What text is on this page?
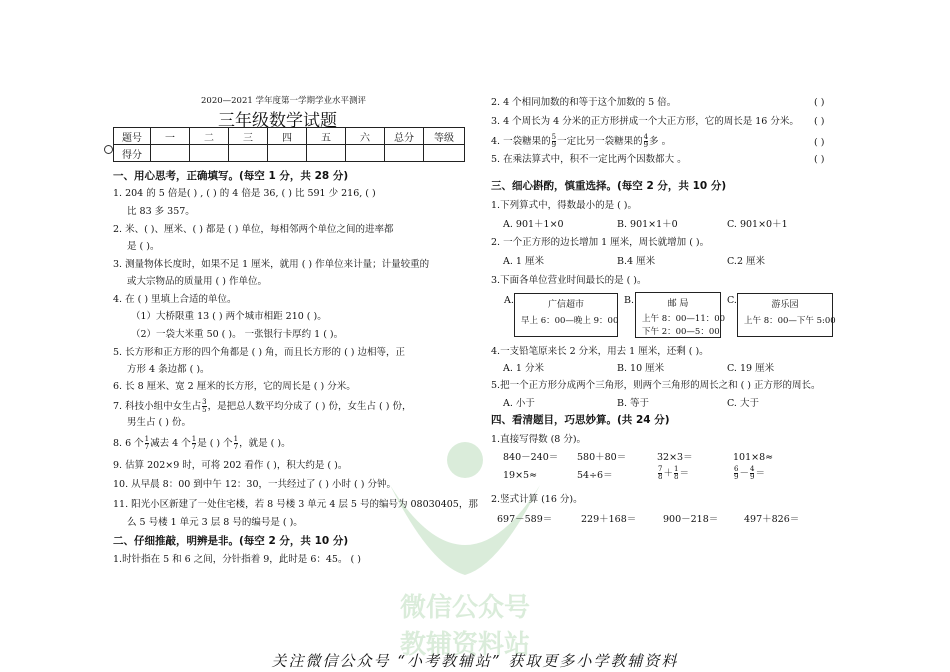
微信公众号
教辅资料站
2020—2021 学年度第一学期学业水平测评
三年级数学试题
题号	一	二	三	四	五	六	总分	等级
得分								
一、用心思考，正确填写。(每空 1 分，共 28 分)
1. 204 的 5 倍是( ) , ( ) 的 4 倍是 36, ( ) 比 591 少 216, ( )
比 83 多 357。
2. 米、( )、厘米、( ) 都是 ( ) 单位，每相邻两个单位之间的进率都
是 ( )。
3. 测量物体长度时，如果不足 1 厘米，就用 ( ) 作单位来计量；计量较重的
或大宗物品的质量用 ( ) 作单位。
4. 在 ( ) 里填上合适的单位。
（1）大桥限重 13 ( ) 两个城市相距 210 ( )。
（2）一袋大米重 50 ( )。 一张银行卡厚约 1 ( )。
5. 长方形和正方形的四个角都是 ( ) 角，而且长方形的 ( ) 边相等，正
方形 4 条边都 ( )。
6. 长 8 厘米、宽 2 厘米的长方形，它的周长是 ( ) 分米。
7. 科技小组中女生占 $\frac{3}{5}$ ，是把总人数平均分成了 ( ) 份，女生占 ( ) 份，
男生占 ( ) 份。
8. 6 个 $\frac{1}{7}$ 减去 4 个 $\frac{1}{7}$ 是 ( ) 个 $\frac{1}{7}$ ，就是 ( )。
9. 估算 202×9 时，可将 202 看作 ( )，积大约是 ( )。
10. 从早晨 8：00 到中午 12：30，一共经过了 ( ) 小时 ( ) 分钟。
11. 阳光小区新建了一处住宅楼，若 8 号楼 3 单元 4 层 5 号的编号为 08030405，那
么 5 号楼 1 单元 3 层 8 号的编号是 ( )。
二、仔细推敲，明辨是非。(每空 2 分，共 10 分)
1.时针指在 5 和 6 之间，分针指着 9，此时是 6：45。 ( )
2. 4 个相同加数的和等于这个加数的 5 倍。	( )
3. 4 个周长为 4 分米的正方形拼成一个大正方形，它的周长是 16 分米。 ( )
4. 一袋糖果的 $\frac{5}{9}$ 一定比另一袋糖果的 $\frac{4}{9}$ 多 。	( )
5. 在乘法算式中，积不一定比两个因数都大 。	( )
三、细心斟酌，慎重选择。(每空 2 分，共 10 分)
1.下列算式中，得数最小的是 ( )。
A. 901＋1×0	B. 901×1＋0	C. 901×0＋1
2. 一个正方形的边长增加 1 厘米，周长就增加 ( )。
A. 1 厘米	B.4 厘米	C.2 厘米
3.下面各单位营业时间最长的是 ( )。
A.	广信超市
早上 6：00—晚上 9：00
B.	邮 局
上午 8：00—11：00
下午 2：00—5：00
C.	游乐园
上午 8：00—下午 5:00
4.一支铅笔原来长 2 分米，用去 1 厘米，还剩 ( )。
A. 1 分米	B. 10 厘米	C. 19 厘米
5.把一个正方形分成两个三角形，则两个三角形的周长之和 ( ) 正方形的周长。
A. 小于	B. 等于	C. 大于
四、看清题目，巧思妙算。(共 24 分)
1.直接写得数 (8 分)。
840－240＝ 580＋80＝	32×3＝	101×8≈
19×5≈	54÷6＝	$\frac{7}{8} + \frac{1}{8}$ ＝	$\frac{6}{9} - \frac{4}{9}$ ＝
2.竖式计算 (16 分)。
697－589＝	229＋168＝	900－218＝	497＋826＝
关注微信公众号 “小考教辅站” 获取更多小学教辅资料
